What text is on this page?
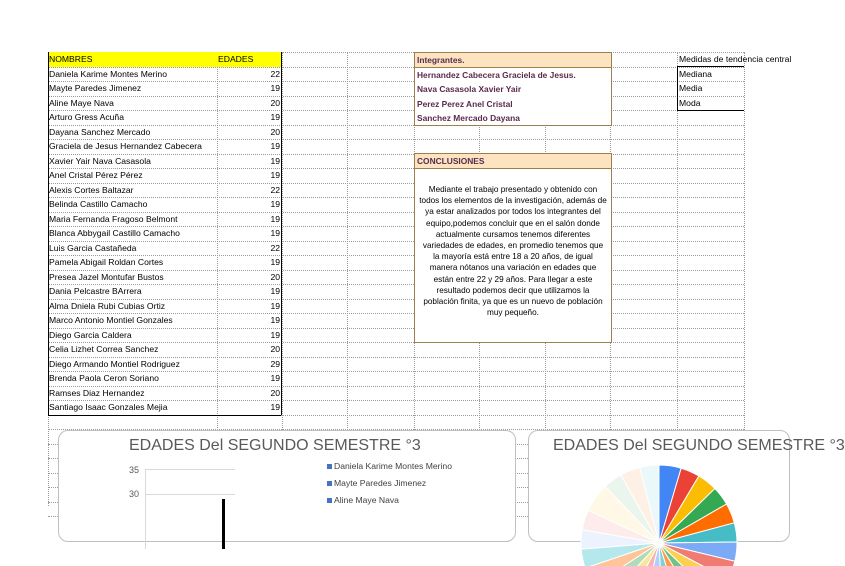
NOMBRES	EDADES
Daniela Karime Montes Merino	22
Mayte Paredes Jimenez	19
Aline Maye Nava	20
Arturo Gress Acuña	19
Dayana Sanchez Mercado	20
Graciela de Jesus Hernandez Cabecera	19
Xavier Yair Nava Casasola	19
Anel Cristal Pérez Pérez	19
Alexis Cortes Baltazar	22
Belinda Castillo Camacho	19
Maria Fernanda Fragoso Belmont	19
Blanca Abbygail Castillo Camacho	19
Luis Garcia Castañeda	22
Pamela Abigail Roldan Cortes	19
Presea Jazel Montufar Bustos	20
Dania Pelcastre BArrera	19
Alma Dniela Rubi Cubias Ortiz	19
Marco Antonio Montiel Gonzales	19
Diego Garcia Caldera	19
Celia Lizhet Correa Sanchez	20
Diego Armando Montiel Rodriguez	29
Brenda Paola Ceron Soriano	19
Ramses Diaz Hernandez	20
Santiago Isaac Gonzales Mejia	19
Integrantes.
Hernandez Cabecera Graciela de Jesus.
Nava Casasola Xavier Yair
Perez Perez Anel Cristal
Sanchez Mercado Dayana
CONCLUSIONES
Mediante el trabajo presentado y obtenido con todos los elementos de la investigación, además de ya estar analizados por todos los integrantes del equipo,podemos concluir que en el salón donde actualmente cursamos tenemos diferentes variedades de edades, en promedio tenemos que la mayoría está entre 18 a 20 años, de igual manera nótanos una variación en edades que están entre 22 y 29 años. Para llegar a este resultado podemos decir que utilizamos la población finita, ya que es un nuevo de población muy pequeño.
Medidas de tendencia central
Mediana
Media
Moda
EDADES Del SEGUNDO SEMESTRE °3
35
30
Daniela Karime Montes Merino
Mayte Paredes Jimenez
Aline Maye Nava
EDADES Del SEGUNDO SEMESTRE °3
